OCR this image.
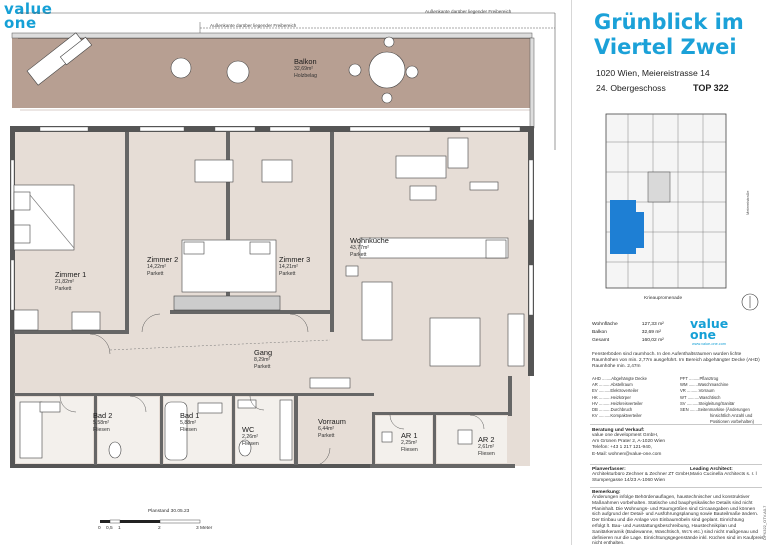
value
one
Außenkante darüber liegender Freibereich
Außenkante darüber liegender Freibereich
Balkon
32,69m²
Holzbelag
Zimmer 1
21,82m²
Parkett
Zimmer 2
14,22m²
Parkett
Zimmer 3
14,21m²
Parkett
Wohnküche
43,77m²
Parkett
Gang
8,29m²
Parkett
Bad 2
5,58m²
Fliesen
Bad 1
5,88m²
Fliesen	WC
2,26m²
Fliesen
Vorraum
6,44m²
Parkett	AR 1
2,25m²
Fliesen
AR 2
2,61m²
Fliesen
Planstand 30.05.23
0 0,5 1	2	3 Meter
Grünblick im
Viertel Zwei
1020 Wien, Meiereistrasse 14
24. Obergeschoss	TOP 322
Meiereistraße
Krieaupromenade
Wohnfläche	127,33 m²
Balkon	32,69 m²
Gesamt	160,02 m²
value
one
www.value-one.com
Fensterböden sind raumhoch. In den Aufenthaltsräumen wurden lichte Raumhöhen von min. 2,77m ausgeführt. Im Bereich abgehängter Decke (AHD) Raumhöhe min. 2,47m
AHD ........Abgehängte Decke
AR ..........Abstellraum
EV ..........Elektroverteiler
HK ..........Heizkörper
HV ..........Heizkreisverteiler
DB ..........Durchbruch
KV ..........Kompaktverteiler
PFT .........Pflanztrog
WM ........Waschmaschine
VR ..........Vorraum
WT ..........Waschtisch
SV ..........Steigleitung/Sanitär
SEN .......Seitenmarkise (Änderungen
hinsichtlich Anzahl und
Positionen vorbehalten)
Beratung und Verkauf:
value one development GmbH,
Am Grünen Prater 2, A-1020 Wien
Telefon: +43 1 217 121-940,
E-Mail: wohnen@value-one.com
Planverfasser:
Architekturbüro Zechner & Zechner ZT GmbH,
Stumpergasse 14/23 A-1060 Wien
Leading Architect:
Mario Cucinella Architects s. r. l
Bemerkung:
Änderungen infolge Behördenauflagen, haustechnischer und konstruktiver
Maßnahmen vorbehalten. Statische und bauphysikalische Details sind nicht
Planinhalt. Die Wohnungs- und Raumgrößen sind Circaangaben und können
sich aufgrund der Detail- und Ausführungsplanung sowie Bauteilmaße ändern.
Der Einbau und die Anlage von Einbaumöbeln sind geplant. Einrichtung
erfolgt lt. Bau- und Ausstattungsbeschreibung, Haustechnikplan und
Sanitärkeramik (Badewanne, Waschtisch, Wc's etc.) sind nicht maßgenau und
definieren nur die Lage. Einrichtungsgegenstände inkl. Küchen sind im Kaufpreis
nicht enthalten.
DPX322_OTV.A0.7
